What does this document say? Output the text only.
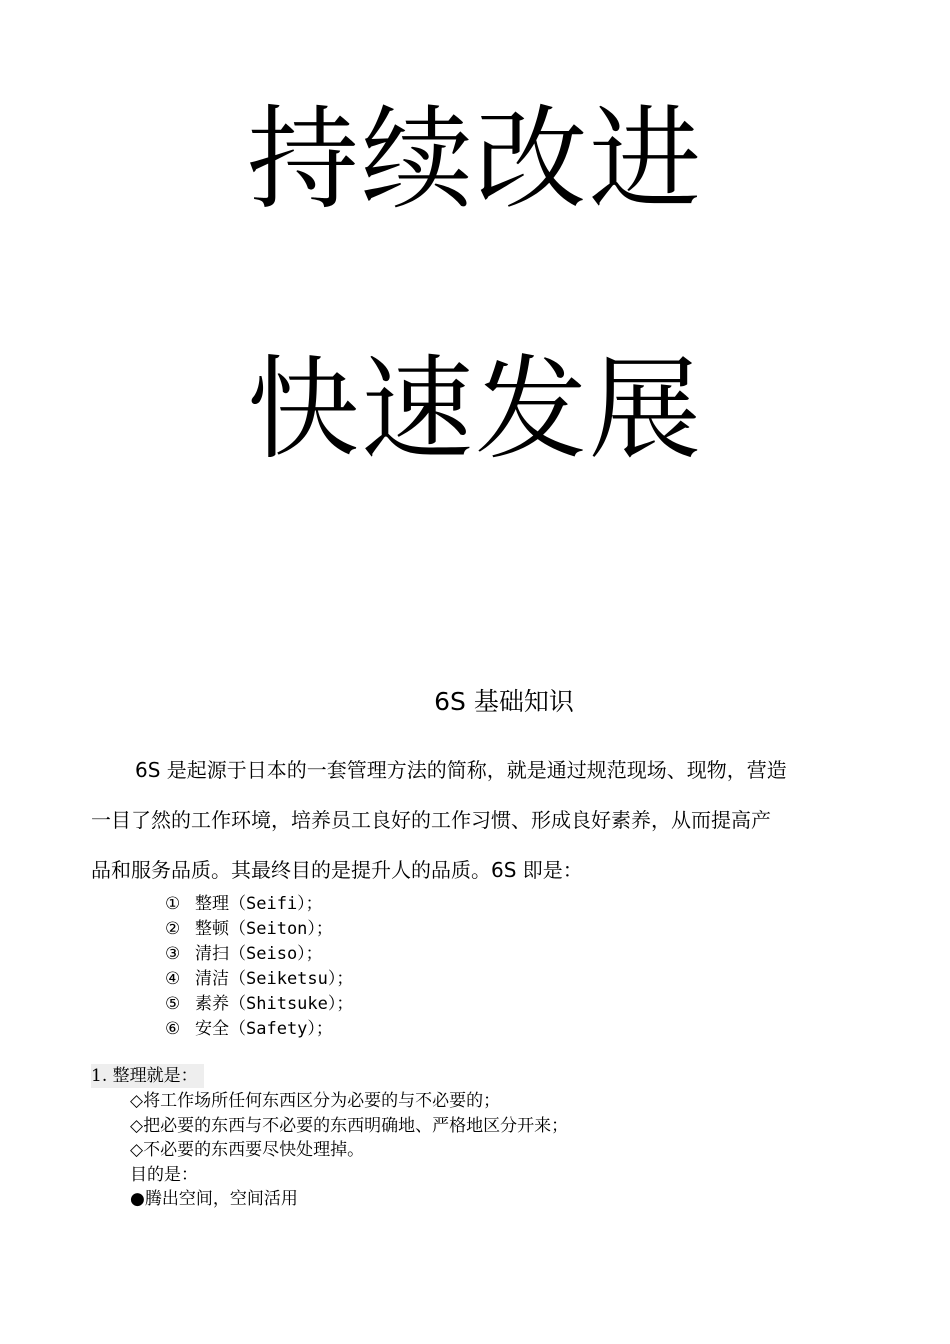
持续改进
快速发展
6S 基础知识

6S 是起源于日本的一套管理方法的简称，就是通过规范现场、现物，营造
一目了然的工作环境，培养员工良好的工作习惯、形成良好素养，从而提高产
品和服务品质。其最终目的是提升人的品质。6S 即是：

① 整理（Seifi）；
② 整顿（Seiton）；
③ 清扫（Seiso）；
④ 清洁（Seiketsu）；
⑤ 素养（Shitsuke）；
⑥ 安全（Safety）；
1. 整理就是：
◇将工作场所任何东西区分为必要的与不必要的；
◇把必要的东西与不必要的东西明确地、严格地区分开来；
◇不必要的东西要尽快处理掉。
目的是：
●腾出空间，空间活用
